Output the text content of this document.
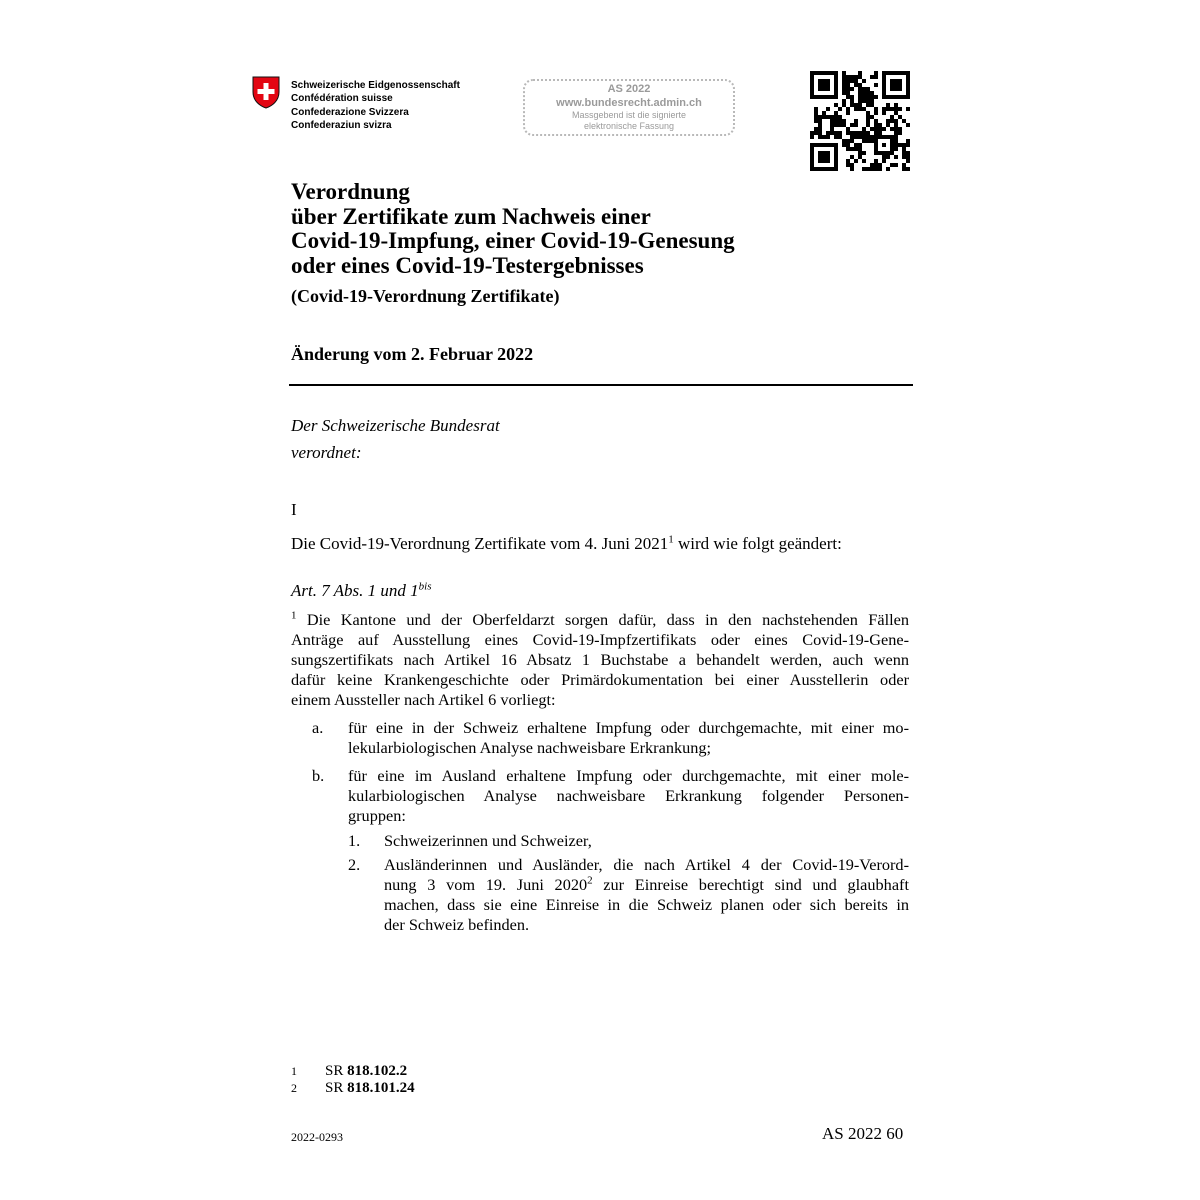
Schweizerische Eidgenossenschaft
Confédération suisse
Confederazione Svizzera
Confederaziun svizra
AS 2022
www.bundesrecht.admin.ch
Massgebend ist die signierte
elektronische Fassung
Verordnung
über Zertifikate zum Nachweis einer
Covid-19-Impfung, einer Covid-19-Genesung
oder eines Covid-19-Testergebnisses
(Covid-19-Verordnung Zertifikate)
Änderung vom 2. Februar 2022
Der Schweizerische Bundesrat
verordnet:
I
Die Covid-19-Verordnung Zertifikate vom 4. Juni 2021$^1$ wird wie folgt geändert:
Art. 7 Abs. 1 und $1^{bis}$
$^1$ Die Kantone und der Oberfeldarzt sorgen dafür, dass in den nachstehenden Fällen
Anträge auf Ausstellung eines Covid-19-Impfzertifikats oder eines Covid-19-Gene-
sungszertifikats nach Artikel 16 Absatz 1 Buchstabe a behandelt werden, auch wenn
dafür keine Krankengeschichte oder Primärdokumentation bei einer Ausstellerin oder
einem Aussteller nach Artikel 6 vorliegt:
a. für eine in der Schweiz erhaltene Impfung oder durchgemachte, mit einer mo-
lekularbiologischen Analyse nachweisbare Erkrankung;
b. für eine im Ausland erhaltene Impfung oder durchgemachte, mit einer mole-
kularbiologischen Analyse nachweisbare Erkrankung folgender Personen-
gruppen:
1. Schweizerinnen und Schweizer,
2. Ausländerinnen und Ausländer, die nach Artikel 4 der Covid-19-Verord-
nung 3 vom 19. Juni 2020$^2$ zur Einreise berechtigt sind und glaubhaft
machen, dass sie eine Einreise in die Schweiz planen oder sich bereits in
der Schweiz befinden.
1 SR 818.102.2
2 SR 818.101.24
2022-0293	AS 2022 60
